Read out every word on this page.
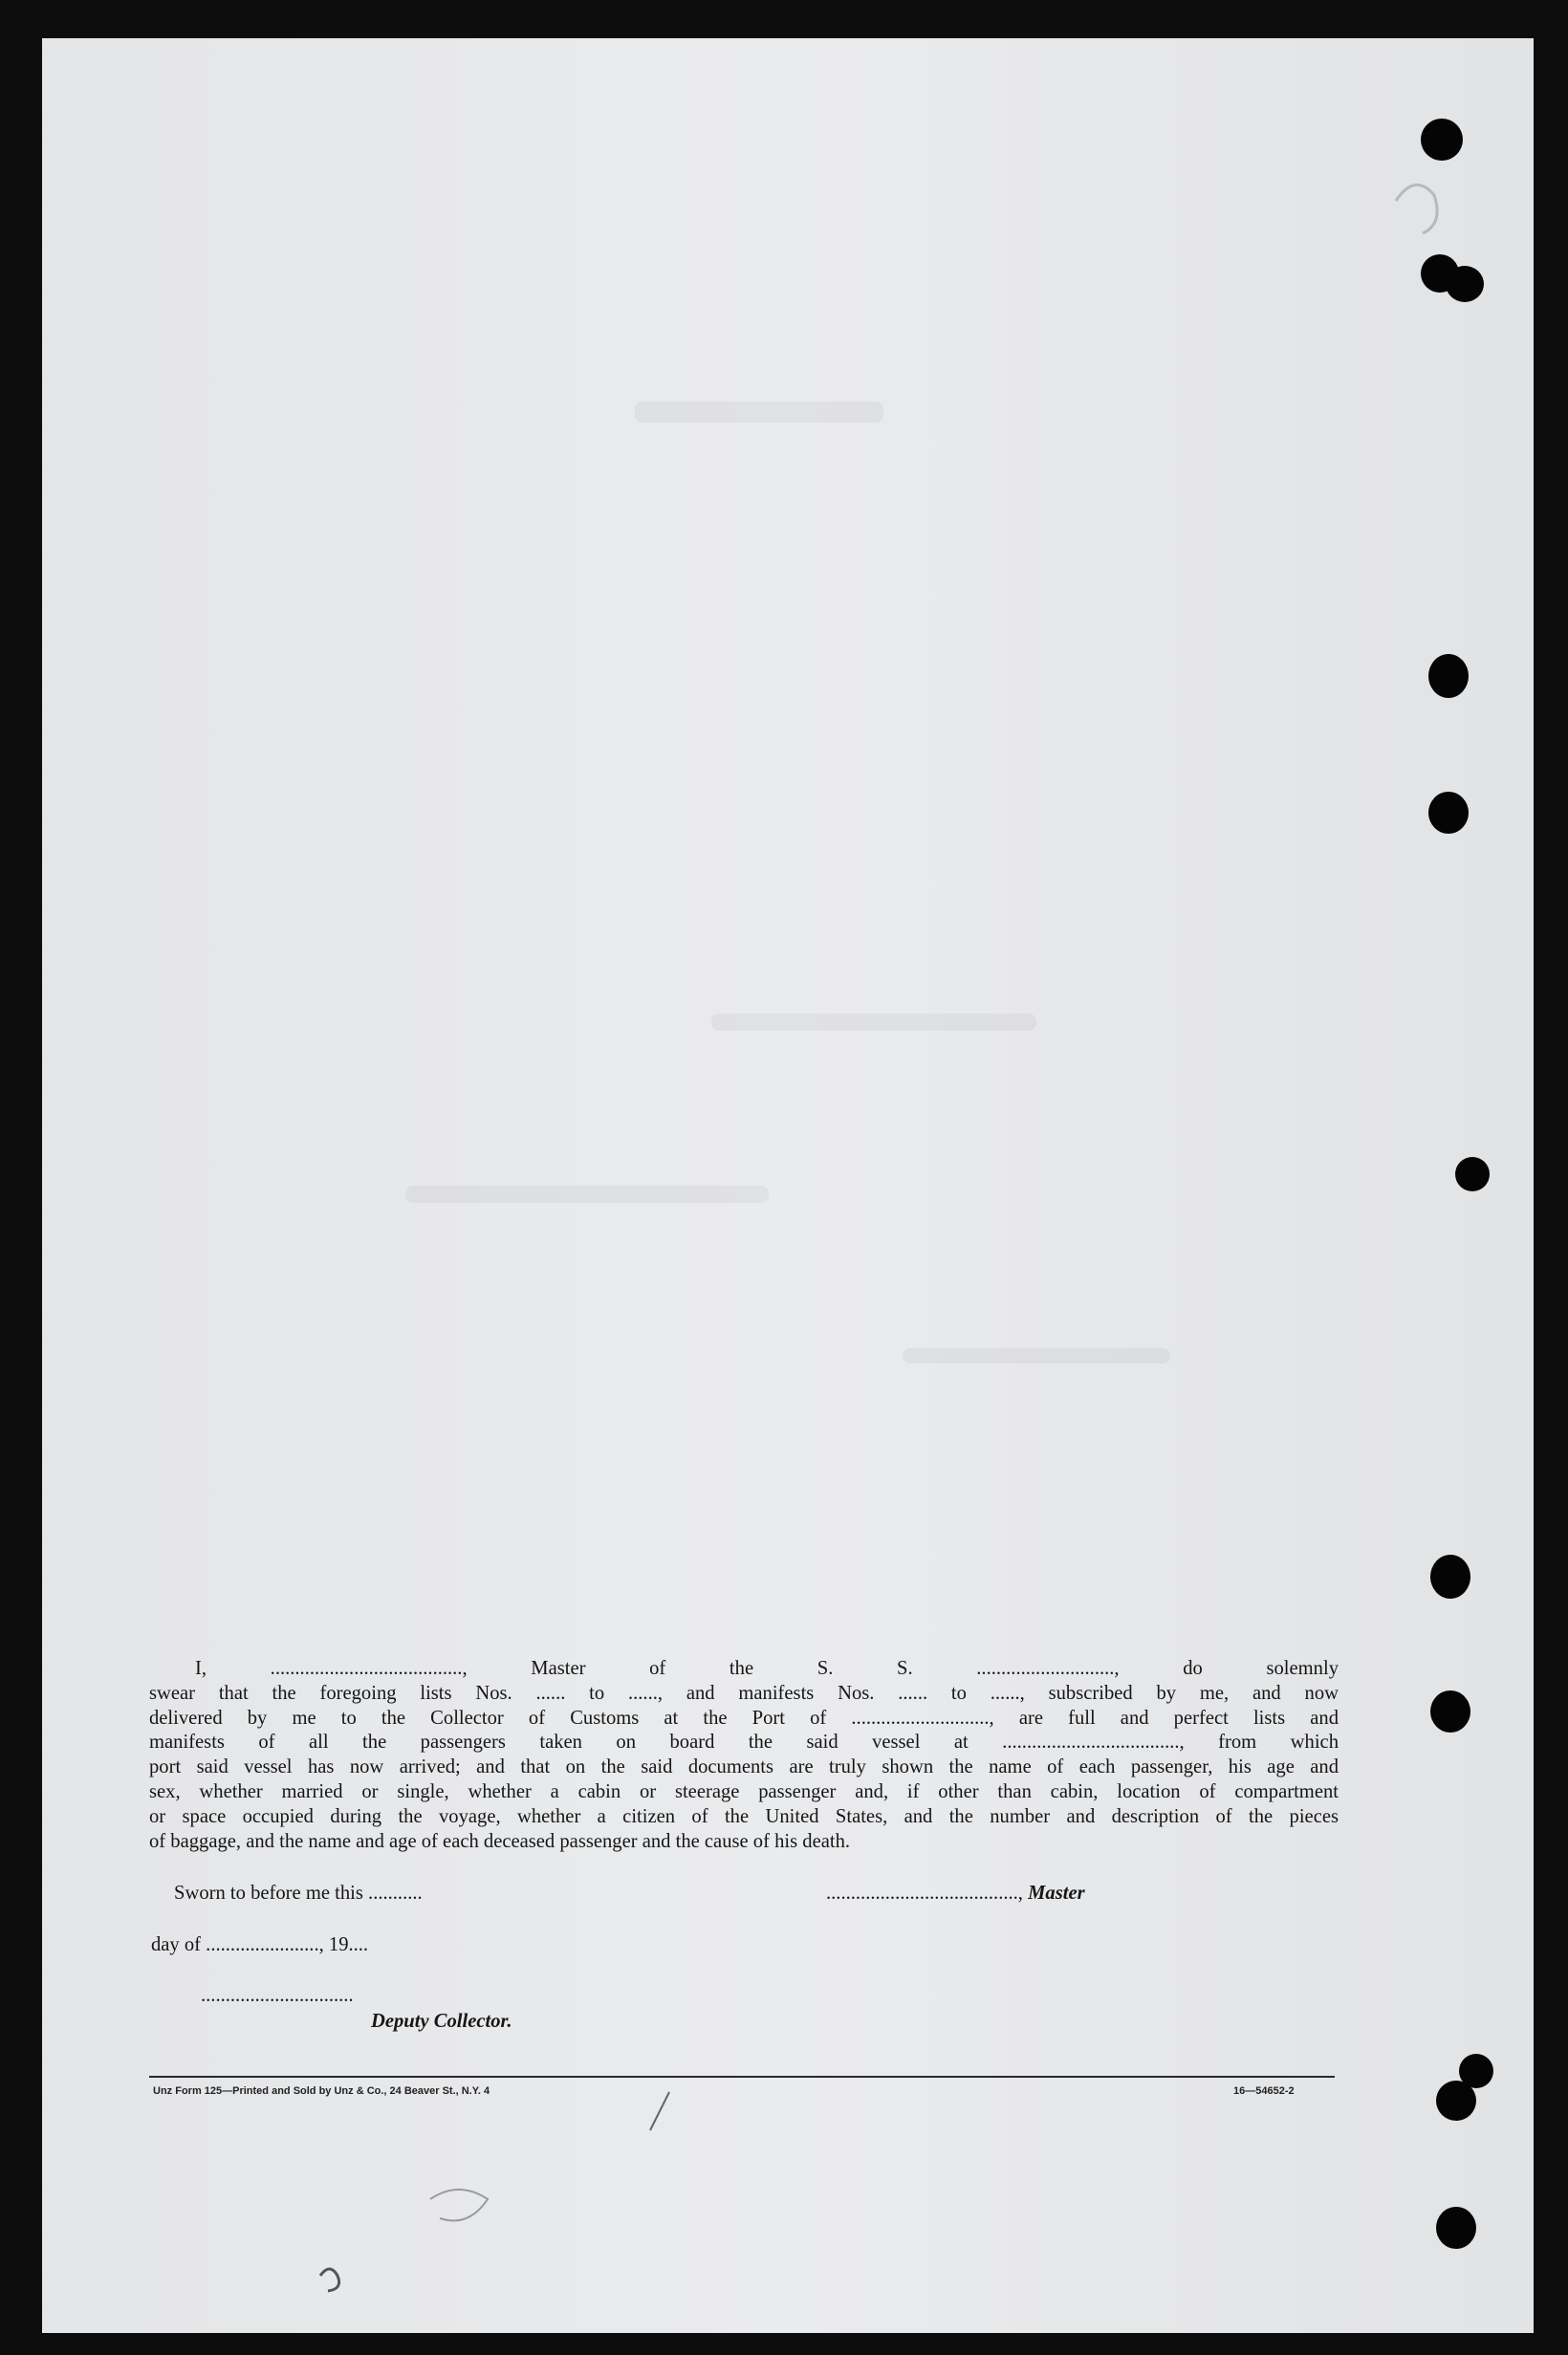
I, ......................................., Master of the S. S. ............................, do solemnly
swear that the foregoing lists Nos. ...... to ......, and manifests Nos. ...... to ......, subscribed by me, and now
delivered by me to the Collector of Customs at the Port of ............................, are full and perfect lists and
manifests of all the passengers taken on board the said vessel at ...................................., from which
port said vessel has now arrived; and that on the said documents are truly shown the name of each passenger, his age and
sex, whether married or single, whether a cabin or steerage passenger and, if other than cabin, location of compartment
or space occupied during the voyage, whether a citizen of the United States, and the number and description of the pieces
of baggage, and the name and age of each deceased passenger and the cause of his death.
Sworn to before me this ...........	......................................., Master
day of ......................., 19....
...............................
Deputy Collector.
Unz Form 125—Printed and Sold by Unz & Co., 24 Beaver St., N.Y. 4	16—54652-2
